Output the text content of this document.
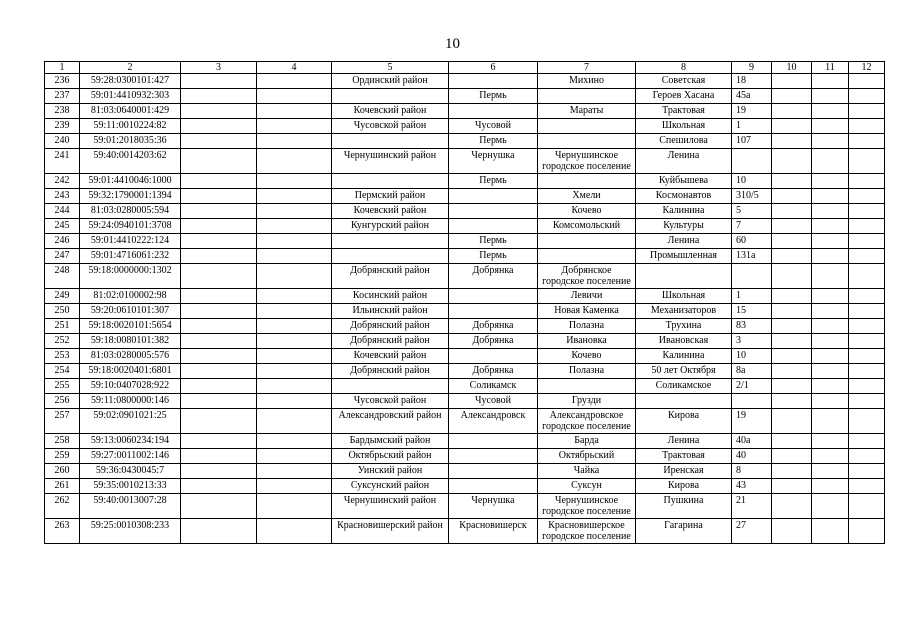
10
1	2	3	4	5	6	7	8	9	10	11	12
236	59:28:0300101:427			Ординский район		Михино	Советская	18			
237	59:01:4410932:303				Пермь		Героев Хасана	45а			
238	81:03:0640001:429			Кочевский район		Мараты	Трактовая	19			
239	59:11:0010224:82			Чусовской район	Чусовой		Школьная	1			
240	59:01:2018035:36				Пермь		Спешилова	107			
241	59:40:0014203:62			Чернушинский район	Чернушка	Чернушинское городское поселение	Ленина				
242	59:01:4410046:1000				Пермь		Куйбышева	10			
243	59:32:1790001:1394			Пермский район		Хмели	Космонавтов	310/5			
244	81:03:0280005:594			Кочевский район		Кочево	Калинина	5			
245	59:24:0940101:3708			Кунгурский район		Комсомольский	Культуры	7			
246	59:01:4410222:124				Пермь		Ленина	60			
247	59:01:4716061:232				Пермь		Промышленная	131а			
248	59:18:0000000:1302			Добрянский район	Добрянка	Добрянское городское поселение					
249	81:02:0100002:98			Косинский район		Левичи	Школьная	1			
250	59:20:0610101:307			Ильинский район		Новая Каменка	Механизаторов	15			
251	59:18:0020101:5654			Добрянский район	Добрянка	Полазна	Трухина	83			
252	59:18:0080101:382			Добрянский район	Добрянка	Ивановка	Ивановская	3			
253	81:03:0280005:576			Кочевский район		Кочево	Калинина	10			
254	59:18:0020401:6801			Добрянский район	Добрянка	Полазна	50 лет Октября	8а			
255	59:10:0407028:922				Соликамск		Соликамское	2/1			
256	59:11:0800000:146			Чусовской район	Чусовой	Грузди					
257	59:02:0901021:25			Александровский район	Александровск	Александровское городское поселение	Кирова	19			
258	59:13:0060234:194			Бардымский район		Барда	Ленина	40а			
259	59:27:0011002:146			Октябрьский район		Октябрьский	Трактовая	40			
260	59:36:0430045:7			Уинский район		Чайка	Иренская	8			
261	59:35:0010213:33			Суксунский район		Суксун	Кирова	43			
262	59:40:0013007:28			Чернушинский район	Чернушка	Чернушинское городское поселение	Пушкина	21			
263	59:25:0010308:233			Красновишерский район	Красновишерск	Красновишерское городское поселение	Гагарина	27			
